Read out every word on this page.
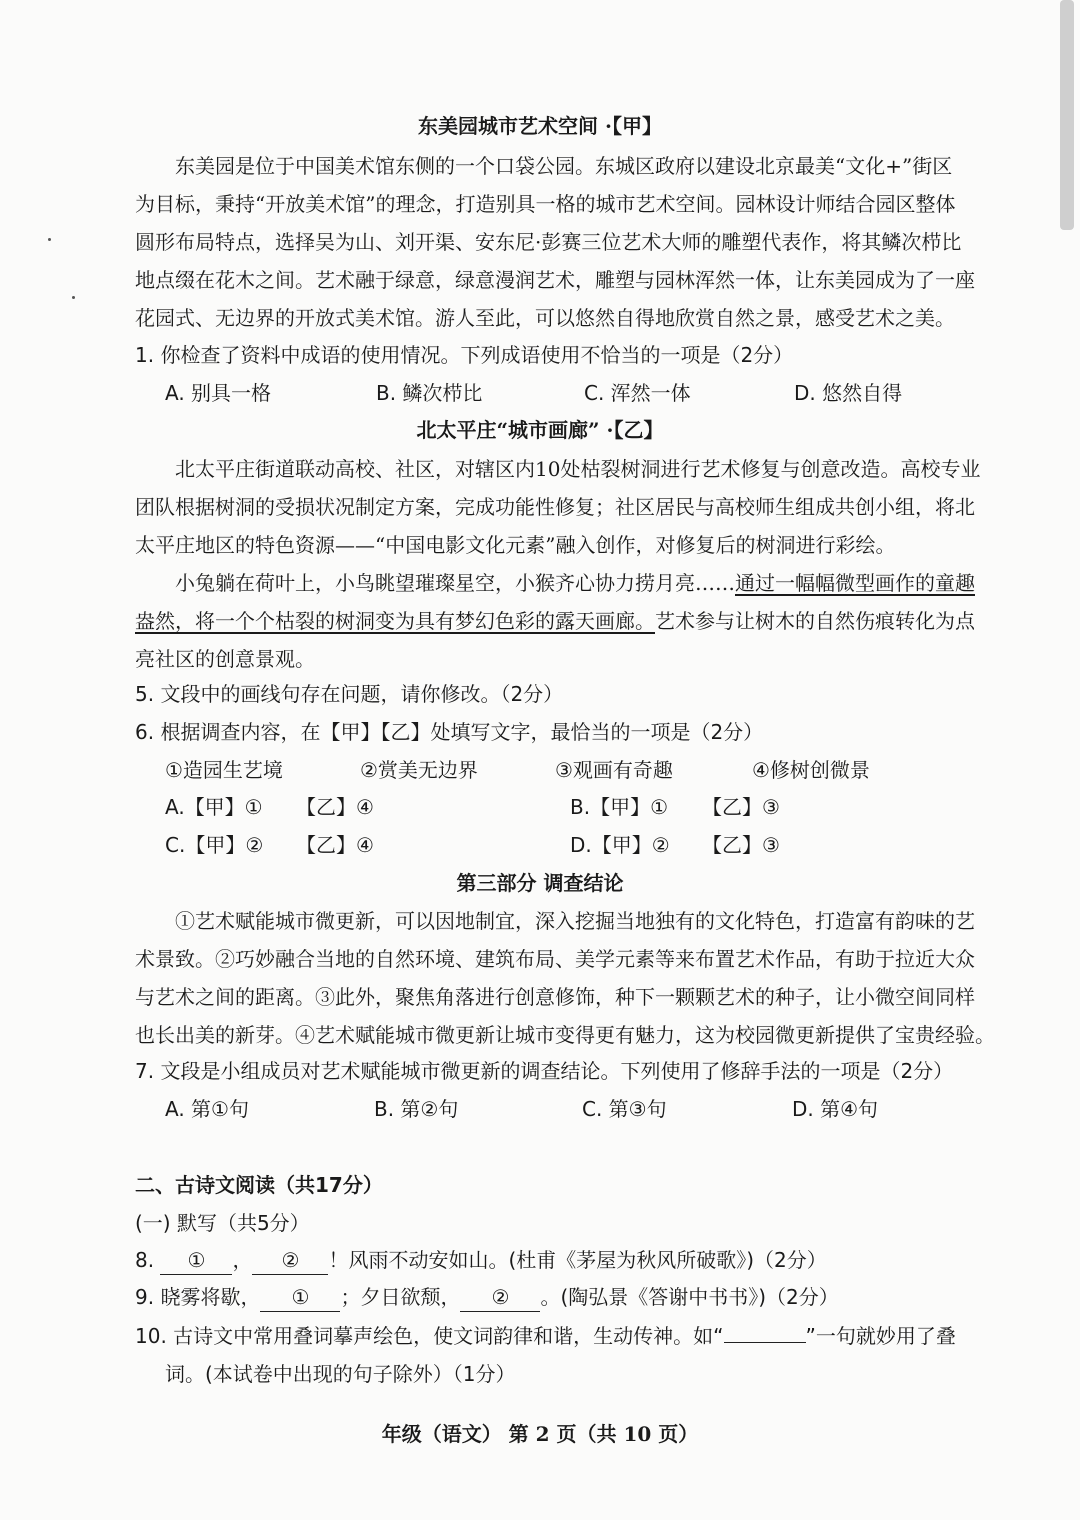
东美园城市艺术空间 ·【甲】
东美园是位于中国美术馆东侧的一个口袋公园。东城区政府以建设北京最美“文化+”街区
为目标，秉持“开放美术馆”的理念，打造别具一格的城市艺术空间。园林设计师结合园区整体
圆形布局特点，选择吴为山、刘开渠、安东尼·彭赛三位艺术大师的雕塑代表作，将其鳞次栉比
地点缀在花木之间。艺术融于绿意，绿意漫润艺术，雕塑与园林浑然一体，让东美园成为了一座
花园式、无边界的开放式美术馆。游人至此，可以悠然自得地欣赏自然之景，感受艺术之美。
1. 你检查了资料中成语的使用情况。下列成语使用不恰当的一项是（2分）
A. 别具一格	B. 鳞次栉比	C. 浑然一体	D. 悠然自得
北太平庄“城市画廊” ·【乙】
北太平庄街道联动高校、社区，对辖区内10处枯裂树洞进行艺术修复与创意改造。高校专业
团队根据树洞的受损状况制定方案，完成功能性修复；社区居民与高校师生组成共创小组，将北
太平庄地区的特色资源——“中国电影文化元素”融入创作，对修复后的树洞进行彩绘。
小兔躺在荷叶上，小鸟眺望璀璨星空，小猴齐心协力捞月亮……通过一幅幅微型画作的童趣
盎然，将一个个枯裂的树洞变为具有梦幻色彩的露天画廊。艺术参与让树木的自然伤痕转化为点
亮社区的创意景观。
5. 文段中的画线句存在问题，请你修改。（2分）
6. 根据调查内容，在【甲】【乙】处填写文字，最恰当的一项是（2分）
①造园生艺境	②赏美无边界	③观画有奇趣	④修树创微景
A.【甲】① 【乙】④	B.【甲】① 【乙】③
C.【甲】② 【乙】④	D.【甲】② 【乙】③
第三部分 调查结论
①艺术赋能城市微更新，可以因地制宜，深入挖掘当地独有的文化特色，打造富有韵味的艺
术景致。②巧妙融合当地的自然环境、建筑布局、美学元素等来布置艺术作品，有助于拉近大众
与艺术之间的距离。③此外，聚焦角落进行创意修饰，种下一颗颗艺术的种子，让小微空间同样
也长出美的新芽。④艺术赋能城市微更新让城市变得更有魅力，这为校园微更新提供了宝贵经验。
7. 文段是小组成员对艺术赋能城市微更新的调查结论。下列使用了修辞手法的一项是（2分）
A. 第①句	B. 第②句	C. 第③句	D. 第④句
二、古诗文阅读（共17分）
(一) 默写（共5分）
8. ① ， ② ！风雨不动安如山。(杜甫《茅屋为秋风所破歌》)（2分）
9. 晓雾将歇， ① ；夕日欲颓， ② 。(陶弘景《答谢中书书》)（2分）
10. 古诗文中常用叠词摹声绘色，使文词韵律和谐，生动传神。如“	”一句就妙用了叠
词。(本试卷中出现的句子除外）（1分）
年级（语文） 第 2 页（共 10 页）
